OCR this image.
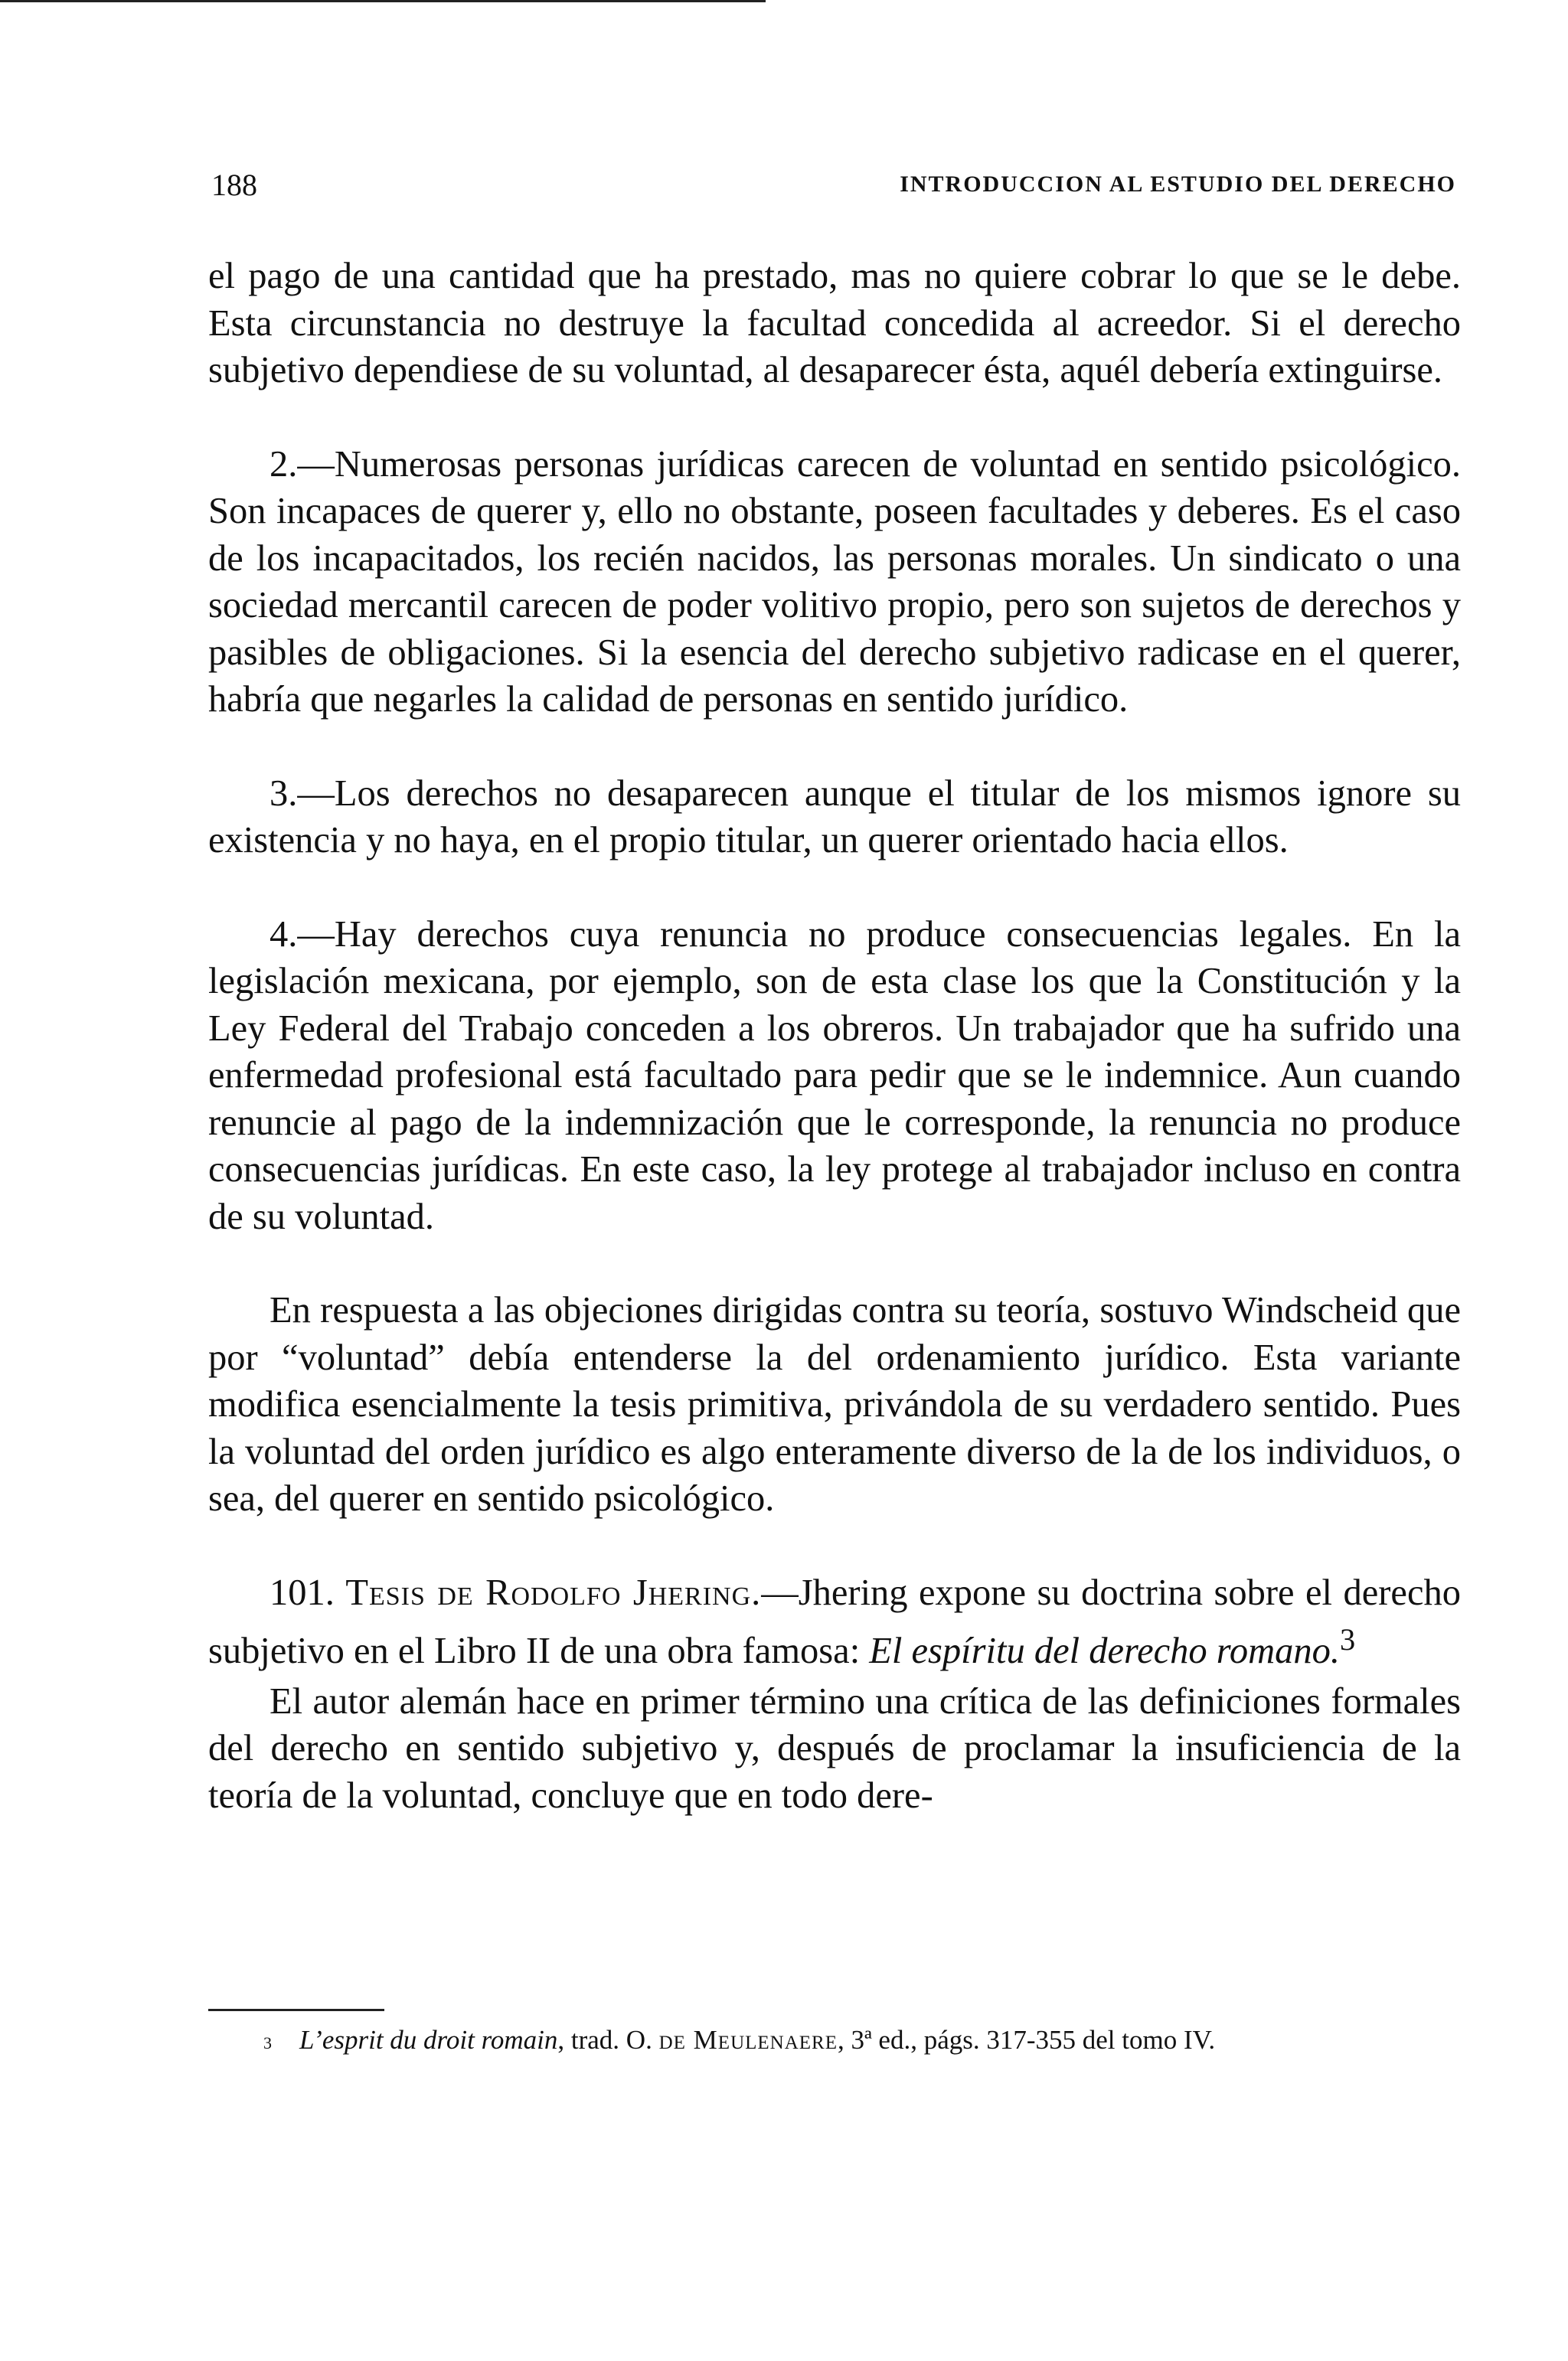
188	INTRODUCCION AL ESTUDIO DEL DERECHO

el pago de una cantidad que ha prestado, mas no quiere cobrar lo que se le debe. Esta circunstancia no destruye la facultad concedida al acreedor. Si el derecho subjetivo dependiese de su voluntad, al desaparecer ésta, aquél debería extinguirse.

2.—Numerosas personas jurídicas carecen de voluntad en sentido psicológico. Son incapaces de querer y, ello no obstante, poseen facultades y deberes. Es el caso de los incapacitados, los recién nacidos, las personas morales. Un sindicato o una sociedad mercantil carecen de poder volitivo propio, pero son sujetos de derechos y pasibles de obligaciones. Si la esencia del derecho subjetivo radicase en el querer, habría que negarles la calidad de personas en sentido jurídico.

3.—Los derechos no desaparecen aunque el titular de los mismos ignore su existencia y no haya, en el propio titular, un querer orientado hacia ellos.

4.—Hay derechos cuya renuncia no produce consecuencias legales. En la legislación mexicana, por ejemplo, son de esta clase los que la Constitución y la Ley Federal del Trabajo conceden a los obreros. Un trabajador que ha sufrido una enfermedad profesional está facultado para pedir que se le indemnice. Aun cuando renuncie al pago de la indemnización que le corresponde, la renuncia no produce consecuencias jurídicas. En este caso, la ley protege al trabajador incluso en contra de su voluntad.

En respuesta a las objeciones dirigidas contra su teoría, sostuvo Windscheid que por “voluntad” debía entenderse la del ordenamiento jurídico. Esta variante modifica esencialmente la tesis primitiva, privándola de su verdadero sentido. Pues la voluntad del orden jurídico es algo enteramente diverso de la de los individuos, o sea, del querer en sentido psicológico.

101. Tesis de Rodolfo Jhering.—Jhering expone su doctrina sobre el derecho subjetivo en el Libro II de una obra famosa: El espíritu del derecho romano.$^3$

El autor alemán hace en primer término una crítica de las definiciones formales del derecho en sentido subjetivo y, después de proclamar la insuficiencia de la teoría de la voluntad, concluye que en todo dere-

$^3$ L’esprit du droit romain, trad. O. de Meulenaere, 3ª ed., págs. 317-355 del tomo IV.
